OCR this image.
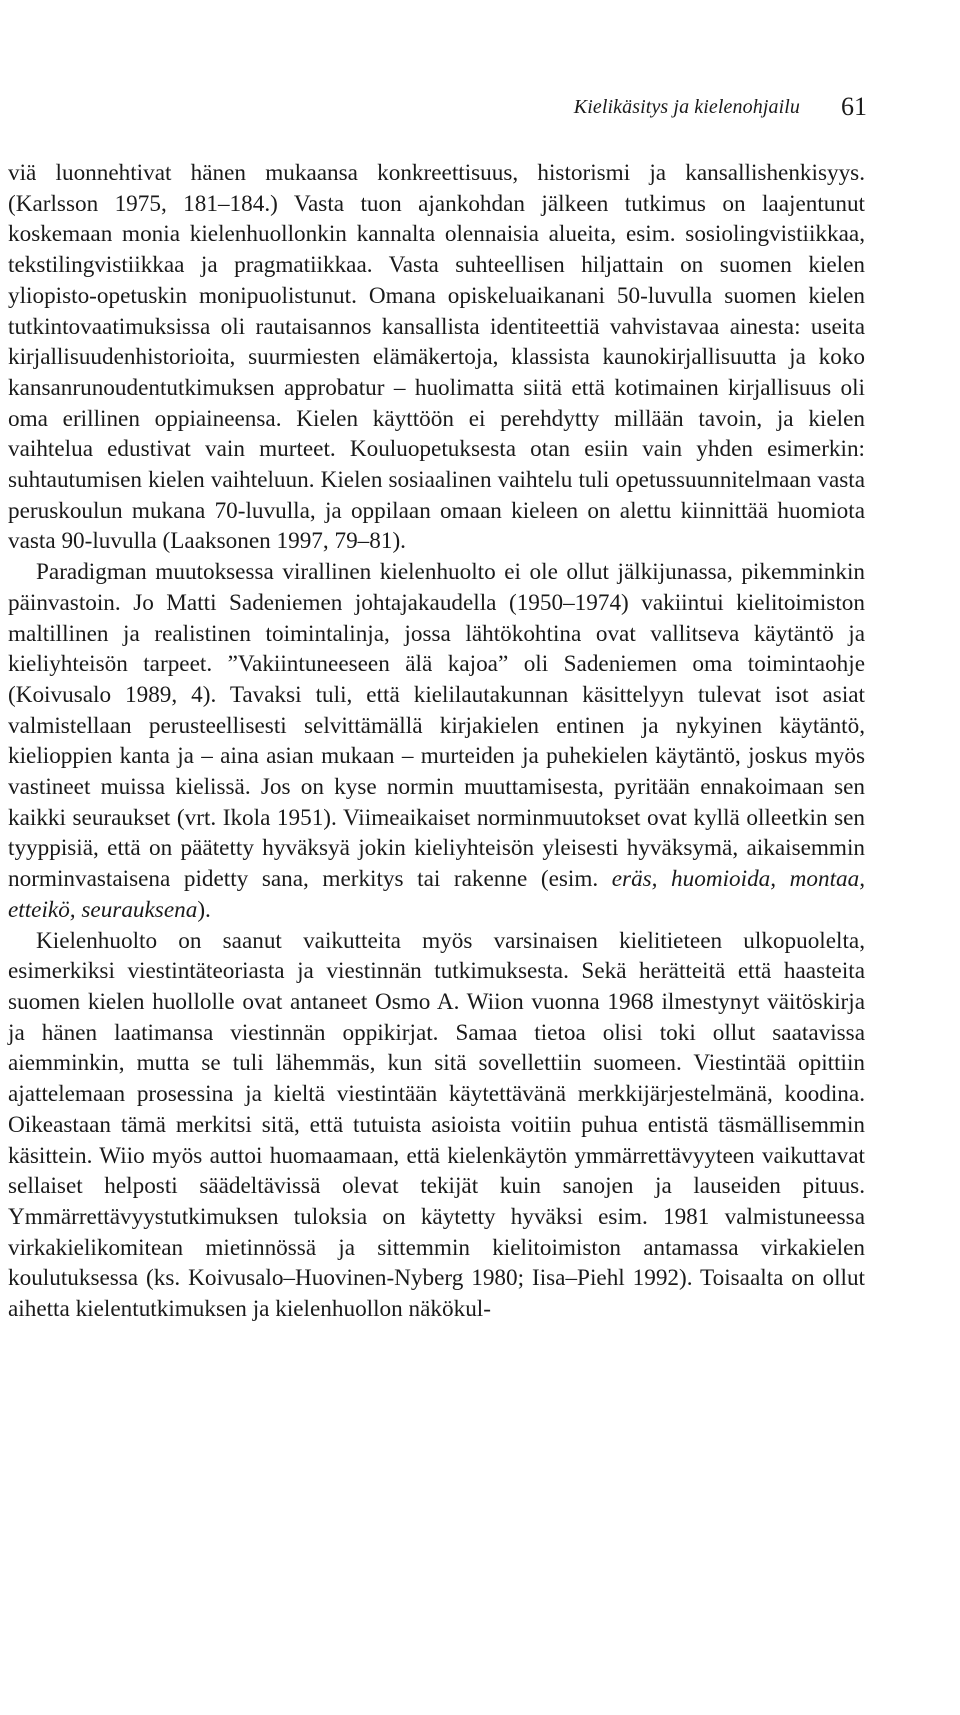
Kielikäsitys ja kielenohjailu 61

viä luonnehtivat hänen mukaansa konkreettisuus, historismi ja kansallishenkisyys. (Karlsson 1975, 181–184.) Vasta tuon ajankohdan jälkeen tutkimus on laajentunut koskemaan monia kielenhuollonkin kannalta olennaisia alueita, esim. sosiolingvistiikkaa, tekstilingvistiikkaa ja pragmatiikkaa. Vasta suhteellisen hiljattain on suomen kielen yliopisto-opetuskin monipuolistunut. Omana opiskeluaikanani 50-luvulla suomen kielen tutkintovaatimuksissa oli rautaisannos kansallista identiteettiä vahvistavaa ainesta: useita kirjallisuudenhistorioita, suurmiesten elämäkertoja, klassista kaunokirjallisuutta ja koko kansanrunoudentutkimuksen approbatur – huolimatta siitä että kotimainen kirjallisuus oli oma erillinen oppiaineensa. Kielen käyttöön ei perehdytty millään tavoin, ja kielen vaihtelua edustivat vain murteet. Kouluopetuksesta otan esiin vain yhden esimerkin: suhtautumisen kielen vaihteluun. Kielen sosiaalinen vaihtelu tuli opetussuunnitelmaan vasta peruskoulun mukana 70-luvulla, ja oppilaan omaan kieleen on alettu kiinnittää huomiota vasta 90-luvulla (Laaksonen 1997, 79–81).

Paradigman muutoksessa virallinen kielenhuolto ei ole ollut jälkijunassa, pikemminkin päinvastoin. Jo Matti Sadeniemen johtajakaudella (1950–1974) vakiintui kielitoimiston maltillinen ja realistinen toimintalinja, jossa lähtökohtina ovat vallitseva käytäntö ja kieliyhteisön tarpeet. ”Vakiintuneeseen älä kajoa” oli Sadeniemen oma toimintaohje (Koivusalo 1989, 4). Tavaksi tuli, että kielilautakunnan käsittelyyn tulevat isot asiat valmistellaan perusteellisesti selvittämällä kirjakielen entinen ja nykyinen käytäntö, kielioppien kanta ja – aina asian mukaan – murteiden ja puhekielen käytäntö, joskus myös vastineet muissa kielissä. Jos on kyse normin muuttamisesta, pyritään ennakoimaan sen kaikki seuraukset (vrt. Ikola 1951). Viimeaikaiset norminmuutokset ovat kyllä olleetkin sen tyyppisiä, että on päätetty hyväksyä jokin kieliyhteisön yleisesti hyväksymä, aikaisemmin norminvastaisena pidetty sana, merkitys tai rakenne (esim. eräs, huomioida, montaa, etteikö, seurauksena).

Kielenhuolto on saanut vaikutteita myös varsinaisen kielitieteen ulkopuolelta, esimerkiksi viestintäteoriasta ja viestinnän tutkimuksesta. Sekä herätteitä että haasteita suomen kielen huollolle ovat antaneet Osmo A. Wiion vuonna 1968 ilmestynyt väitöskirja ja hänen laatimansa viestinnän oppikirjat. Samaa tietoa olisi toki ollut saatavissa aiemminkin, mutta se tuli lähemmäs, kun sitä sovellettiin suomeen. Viestintää opittiin ajattelemaan prosessina ja kieltä viestintään käytettävänä merkkijärjestelmänä, koodina. Oikeastaan tämä merkitsi sitä, että tutuista asioista voitiin puhua entistä täsmällisemmin käsittein. Wiio myös auttoi huomaamaan, että kielenkäytön ymmärrettävyyteen vaikuttavat sellaiset helposti säädeltävissä olevat tekijät kuin sanojen ja lauseiden pituus. Ymmärrettävyystutkimuksen tuloksia on käytetty hyväksi esim. 1981 valmistuneessa virkakielikomitean mietinnössä ja sittemmin kielitoimiston antamassa virkakielen koulutuksessa (ks. Koivusalo–Huovinen-Nyberg 1980; Iisa–Piehl 1992). Toisaalta on ollut aihetta kielentutkimuksen ja kielenhuollon näkökul-
